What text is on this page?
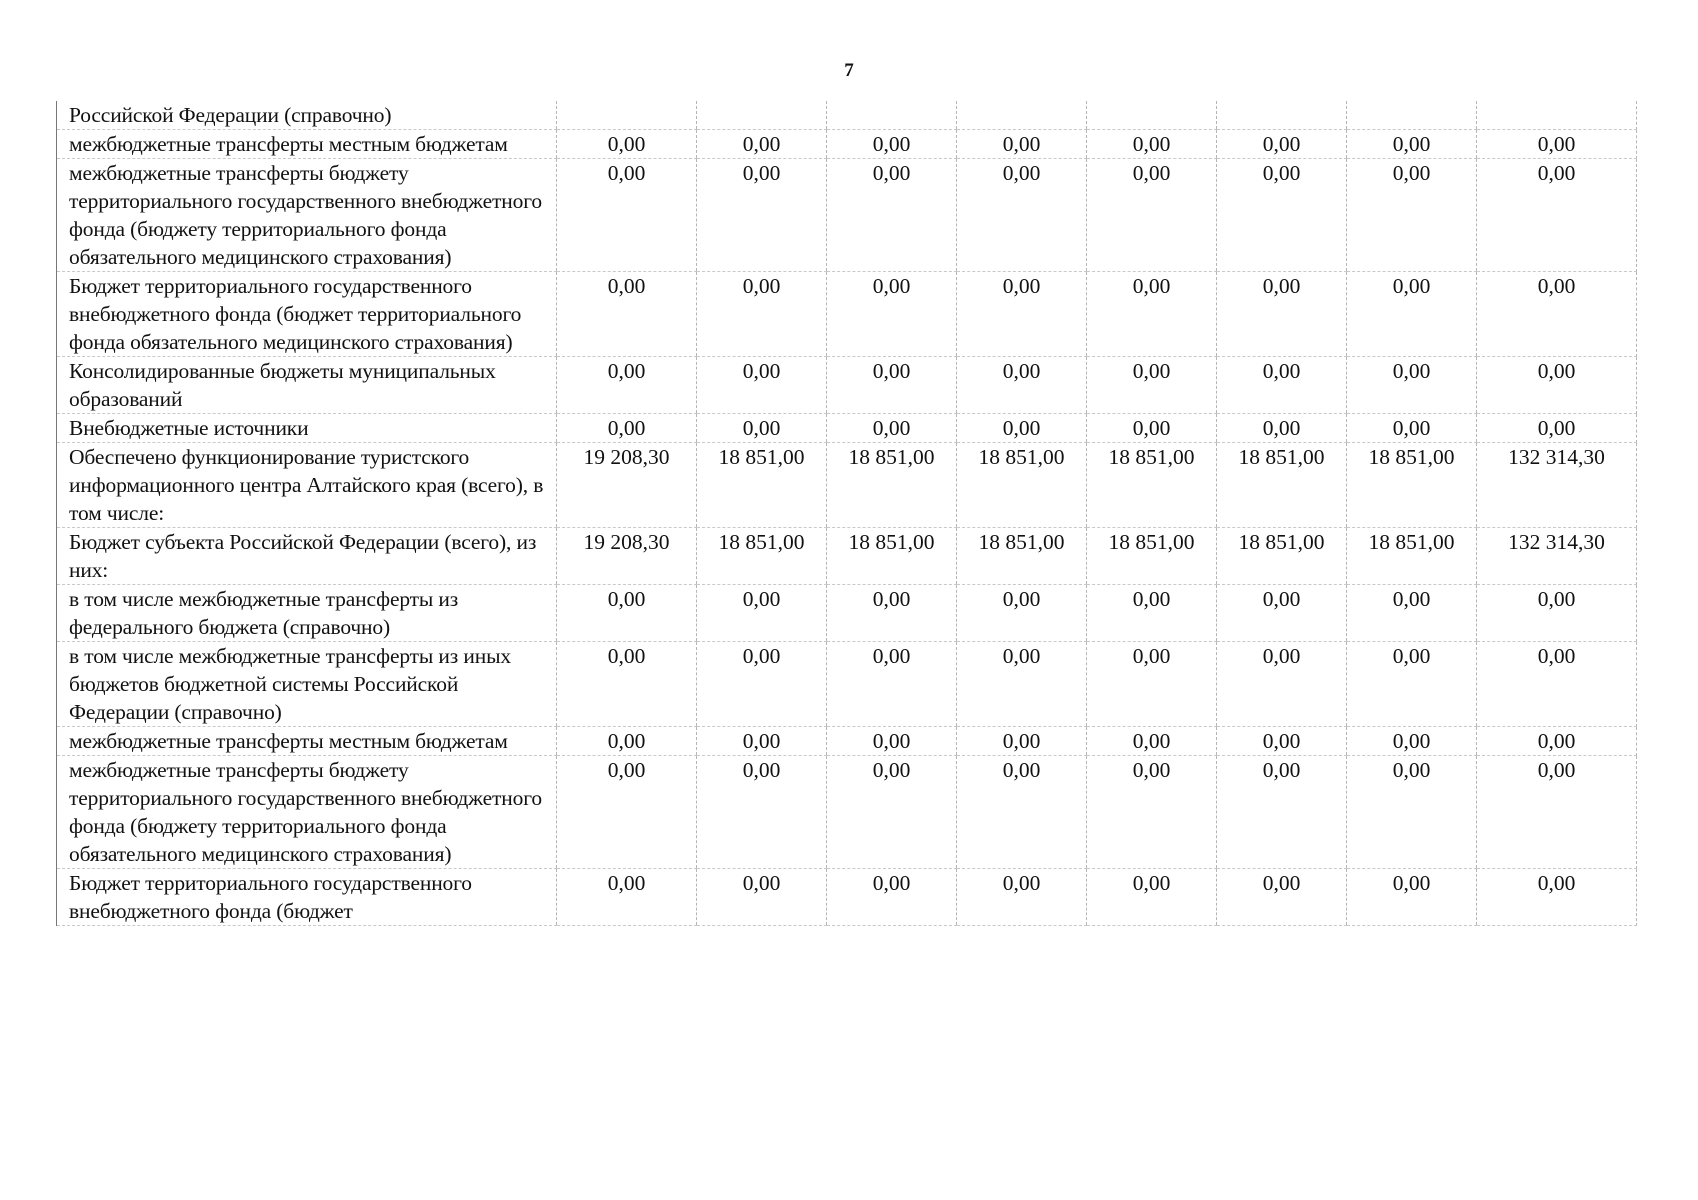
7
Российской Федерации (справочно)								
межбюджетные трансферты местным бюджетам	0,00	0,00	0,00	0,00	0,00	0,00	0,00	0,00
межбюджетные трансферты бюджету территориального государственного внебюджетного фонда (бюджету территориального фонда обязательного медицинского страхования)	0,00	0,00	0,00	0,00	0,00	0,00	0,00	0,00
Бюджет территориального государственного внебюджетного фонда (бюджет территориального фонда обязательного медицинского страхования)	0,00	0,00	0,00	0,00	0,00	0,00	0,00	0,00
Консолидированные бюджеты муниципальных образований	0,00	0,00	0,00	0,00	0,00	0,00	0,00	0,00
Внебюджетные источники	0,00	0,00	0,00	0,00	0,00	0,00	0,00	0,00
Обеспечено функционирование туристского информационного центра Алтайского края (всего), в том числе:	19 208,30	18 851,00	18 851,00	18 851,00	18 851,00	18 851,00	18 851,00	132 314,30
Бюджет субъекта Российской Федерации (всего), из них:	19 208,30	18 851,00	18 851,00	18 851,00	18 851,00	18 851,00	18 851,00	132 314,30
в том числе межбюджетные трансферты из федерального бюджета (справочно)	0,00	0,00	0,00	0,00	0,00	0,00	0,00	0,00
в том числе межбюджетные трансферты из иных бюджетов бюджетной системы Российской Федерации (справочно)	0,00	0,00	0,00	0,00	0,00	0,00	0,00	0,00
межбюджетные трансферты местным бюджетам	0,00	0,00	0,00	0,00	0,00	0,00	0,00	0,00
межбюджетные трансферты бюджету территориального государственного внебюджетного фонда (бюджету территориального фонда обязательного медицинского страхования)	0,00	0,00	0,00	0,00	0,00	0,00	0,00	0,00
Бюджет территориального государственного внебюджетного фонда (бюджет	0,00	0,00	0,00	0,00	0,00	0,00	0,00	0,00
